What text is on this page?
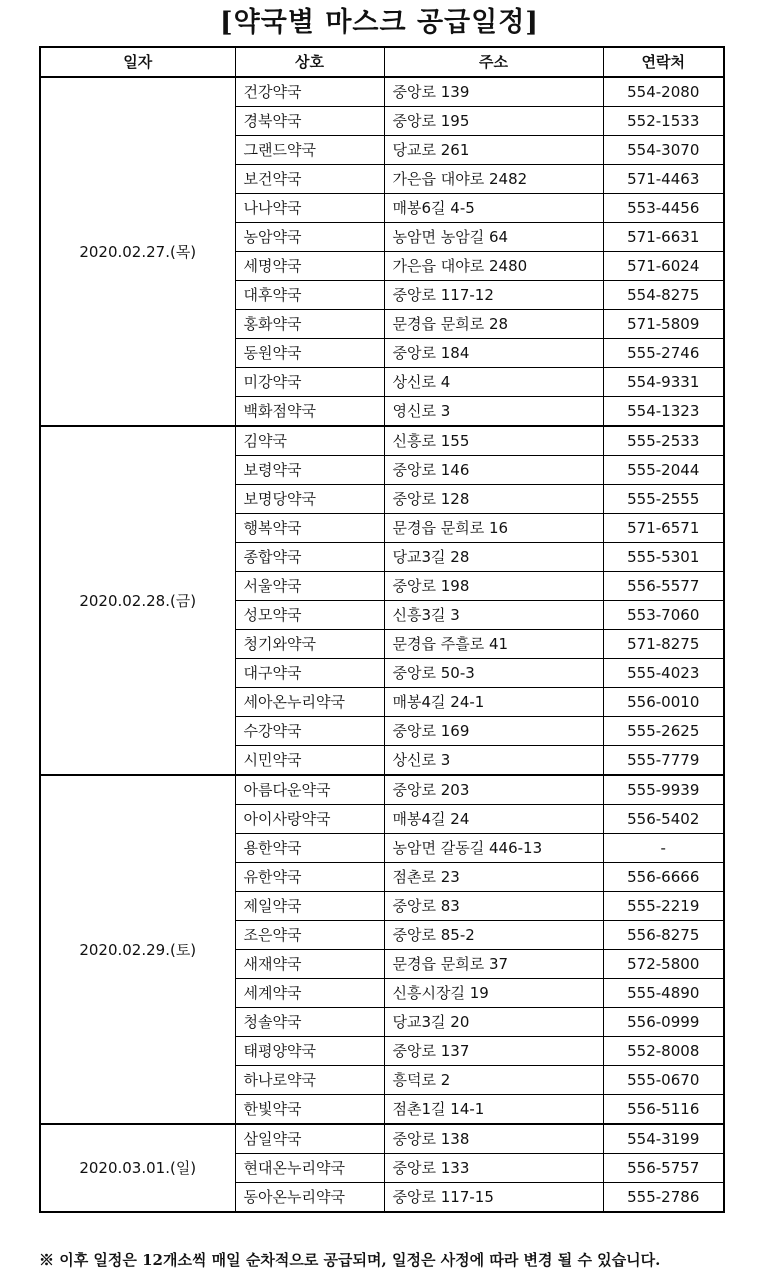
[약국별 마스크 공급일정]
일자	상호	주소	연락처
2020.02.27.(목)	건강약국	중앙로 139	554-2080
	경북약국	중앙로 195	552-1533
	그랜드약국	당교로 261	554-3070
	보건약국	가은읍 대야로 2482	571-4463
	나나약국	매봉6길 4-5	553-4456
	농암약국	농암면 농암길 64	571-6631
	세명약국	가은읍 대야로 2480	571-6024
	대후약국	중앙로 117-12	554-8275
	홍화약국	문경읍 문희로 28	571-5809
	동원약국	중앙로 184	555-2746
	미강약국	상신로 4	554-9331
	백화점약국	영신로 3	554-1323
2020.02.28.(금)	김약국	신흥로 155	555-2533
	보령약국	중앙로 146	555-2044
	보명당약국	중앙로 128	555-2555
	행복약국	문경읍 문희로 16	571-6571
	종합약국	당교3길 28	555-5301
	서울약국	중앙로 198	556-5577
	성모약국	신흥3길 3	553-7060
	청기와약국	문경읍 주흘로 41	571-8275
	대구약국	중앙로 50-3	555-4023
	세아온누리약국	매봉4길 24-1	556-0010
	수강약국	중앙로 169	555-2625
	시민약국	상신로 3	555-7779
2020.02.29.(토)	아름다운약국	중앙로 203	555-9939
	아이사랑약국	매봉4길 24	556-5402
	용한약국	농암면 갈동길 446-13	-
	유한약국	점촌로 23	556-6666
	제일약국	중앙로 83	555-2219
	조은약국	중앙로 85-2	556-8275
	새재약국	문경읍 문희로 37	572-5800
	세계약국	신흥시장길 19	555-4890
	청솔약국	당교3길 20	556-0999
	태평양약국	중앙로 137	552-8008
	하나로약국	흥덕로 2	555-0670
	한빛약국	점촌1길 14-1	556-5116
2020.03.01.(일)	삼일약국	중앙로 138	554-3199
	현대온누리약국	중앙로 133	556-5757
	동아온누리약국	중앙로 117-15	555-2786
※ 이후 일정은 12개소씩 매일 순차적으로 공급되며, 일정은 사정에 따라 변경 될 수 있습니다.
